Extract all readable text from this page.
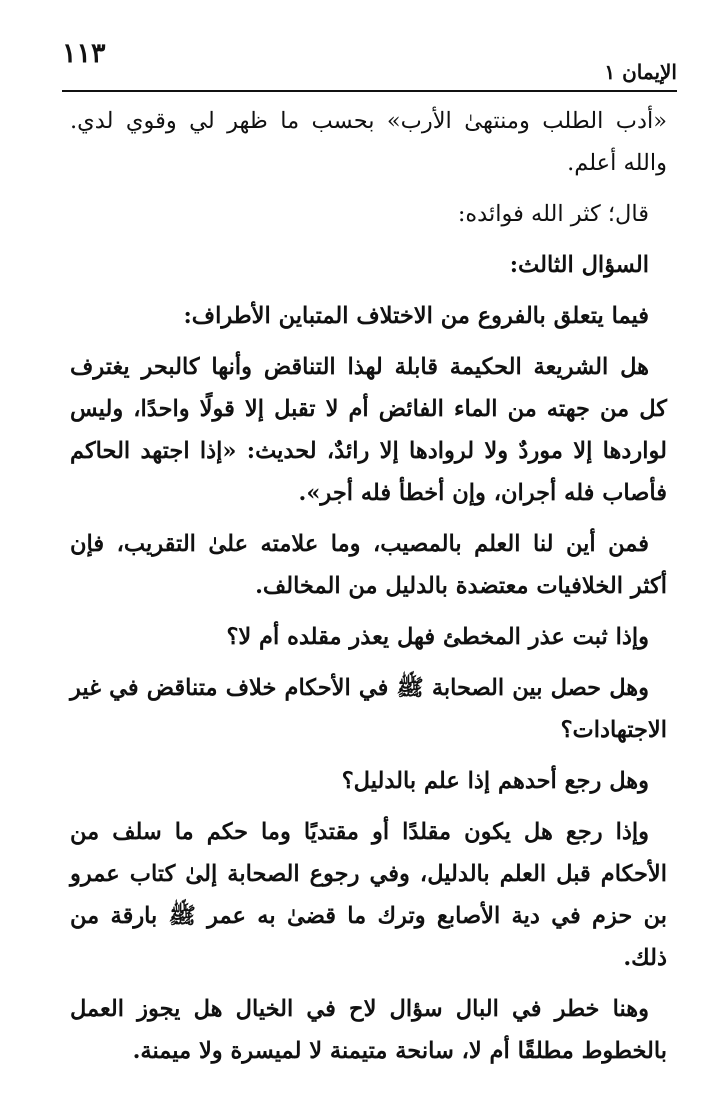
١١٣
الإيمان ١

«أدب الطلب ومنتهىٰ الأرب» بحسب ما ظهر لي وقوي لدي. والله أعلم.

قال؛ كثر الله فوائده:

السؤال الثالث:

فيما يتعلق بالفروع من الاختلاف المتباين الأطراف:

هل الشريعة الحكيمة قابلة لهذا التناقض وأنها كالبحر يغترف كل من جهته من الماء الفائض أم لا تقبل إلا قولًا واحدًا، وليس لواردها إلا موردٌ ولا لروادها إلا رائدٌ، لحديث: «إذا اجتهد الحاكم فأصاب فله أجران، وإن أخطأ فله أجر».

فمن أين لنا العلم بالمصيب، وما علامته علىٰ التقريب، فإن أكثر الخلافيات معتضدة بالدليل من المخالف.

وإذا ثبت عذر المخطئ فهل يعذر مقلده أم لا؟

وهل حصل بين الصحابة ﷺ في الأحكام خلاف متناقض في غير الاجتهادات؟

وهل رجع أحدهم إذا علم بالدليل؟

وإذا رجع هل يكون مقلدًا أو مقتديًا وما حكم ما سلف من الأحكام قبل العلم بالدليل، وفي رجوع الصحابة إلىٰ كتاب عمرو بن حزم في دية الأصابع وترك ما قضىٰ به عمر ﷺ بارقة من ذلك.

وهنا خطر في البال سؤال لاح في الخيال هل يجوز العمل بالخطوط مطلقًا أم لا، سانحة متيمنة لا لميسرة ولا ميمنة.
